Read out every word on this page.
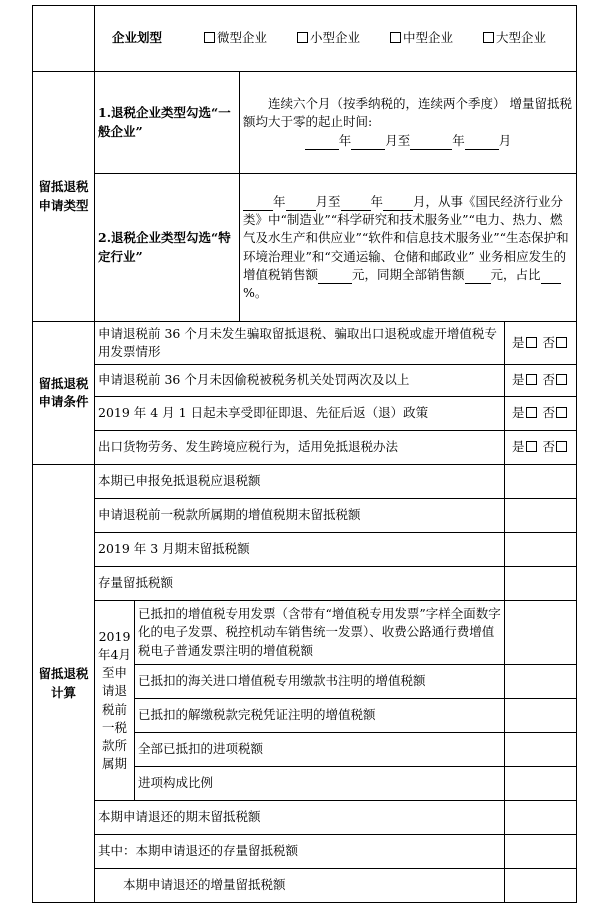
	企业划型 微型企业 小型企业 中型企业 大型企业			
留抵退税申请类型	1.退税企业类型勾选“一般企业”		连续六个月（按季纳税的，连续两个季度） 增量留抵税额均大于零的起止时间:
年 月至 年 月	

	2.退税企业类型勾选“特定行业”		年 月至 年 月，从事《国民经济行业分类》中“制造业”“科学研究和技术服务业”“电力、热力、燃气及水生产和供应业”“软件和信息技术服务业”“生态保护和环境治理业”和“交通运输、仓储和邮政业” 业务相应发生的增值税销售额 元，同期全部销售额 元，占比%。	
留抵退税申请条件	申请退税前 36 个月未发生骗取留抵退税、骗取出口退税或虚开增值税专用发票情形			是 否
	申请退税前 36 个月未因偷税被税务机关处罚两次及以上			是 否
	2019 年 4 月 1 日起未享受即征即退、先征后返（退）政策			是 否
	出口货物劳务、发生跨境应税行为，适用免抵退税办法			是 否
留抵退税计算	本期已申报免抵退税应退税额			
	申请退税前一税款所属期的增值税期末留抵税额			
	2019 年 3 月期末留抵税额			
	存量留抵税额			
	2019年4月至申请退税前一税款所属期	已抵扣的增值税专用发票（含带有“增值税专用发票”字样全面数字化的电子发票、税控机动车销售统一发票）、收费公路通行费增值税电子普通发票注明的增值税额		
		已抵扣的海关进口增值税专用缴款书注明的增值税额		
		已抵扣的解缴税款完税凭证注明的增值税额		
		全部已抵扣的进项税额		
		进项构成比例		
	本期申请退还的期末留抵税额			
	其中：本期申请退还的存量留抵税额			
	本期申请退还的增量留抵税额			
